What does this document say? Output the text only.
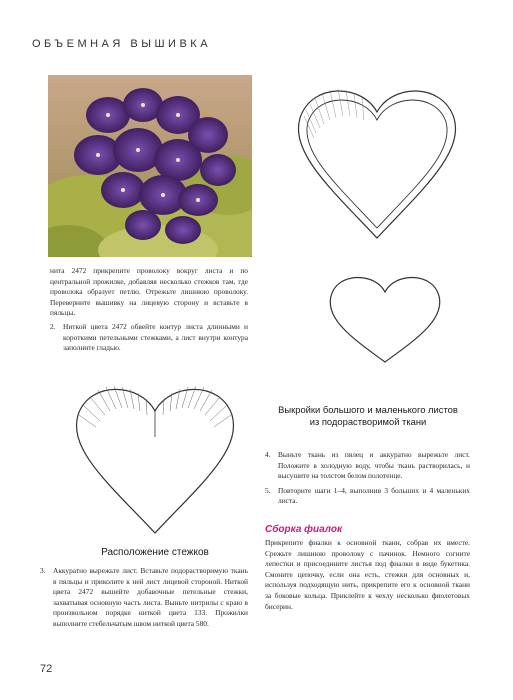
ОБЪЕМНАЯ ВЫШИВКА

нита 2472 прикрепите проволоку вокруг листа и по центральной прожилке, добавляя несколько стежков там, где проволока образует петлю. Отрежьте лишнюю проволоку. Переверните вышивку на лицевую сторону и вставьте в пяльцы.

2. Ниткой цвета 2472 обвейте контур листа длинными и короткими петельными стежками, а лист внутри контура заполните гладью.
Расположение стежков
3. Аккуратно вырежьте лист. Вставьте подорастворимую ткань в пяльцы и приколите к ней лист лицевой стороной. Ниткой цвета 2472 вышейте добавочные петельные стежки, захватывая основную часть листа. Выньте нитрилы с краю в произвольном порядке ниткой цвета 133. Прожилки выполните стебельчатым швом ниткой цвета 580.
Выкройки большого и маленького листов
из подорастворимой ткани
4. Выньте ткань из пялец и аккуратно вырежьте лист. Положите в холодную воду, чтобы ткань растворилась, и высушите на толстом белом полотенце.
5. Повторите шаги 1–4, выполнив 3 больших и 4 маленьких листа.
Сборка фиалок
Прикрепите фиалки к основной ткани, собрав их вместе. Срежьте лишнюю проволоку с пачинок. Немного согните лепестки и присоедините листья под фиалки в виде букетика. Смоните цепочку, если она есть, стежки для основных и, используя подходящую нить, прикрепите его к основной ткани за боковые кольца. Приклейте к чехлу несколько фиолетовых бисерин.
72
